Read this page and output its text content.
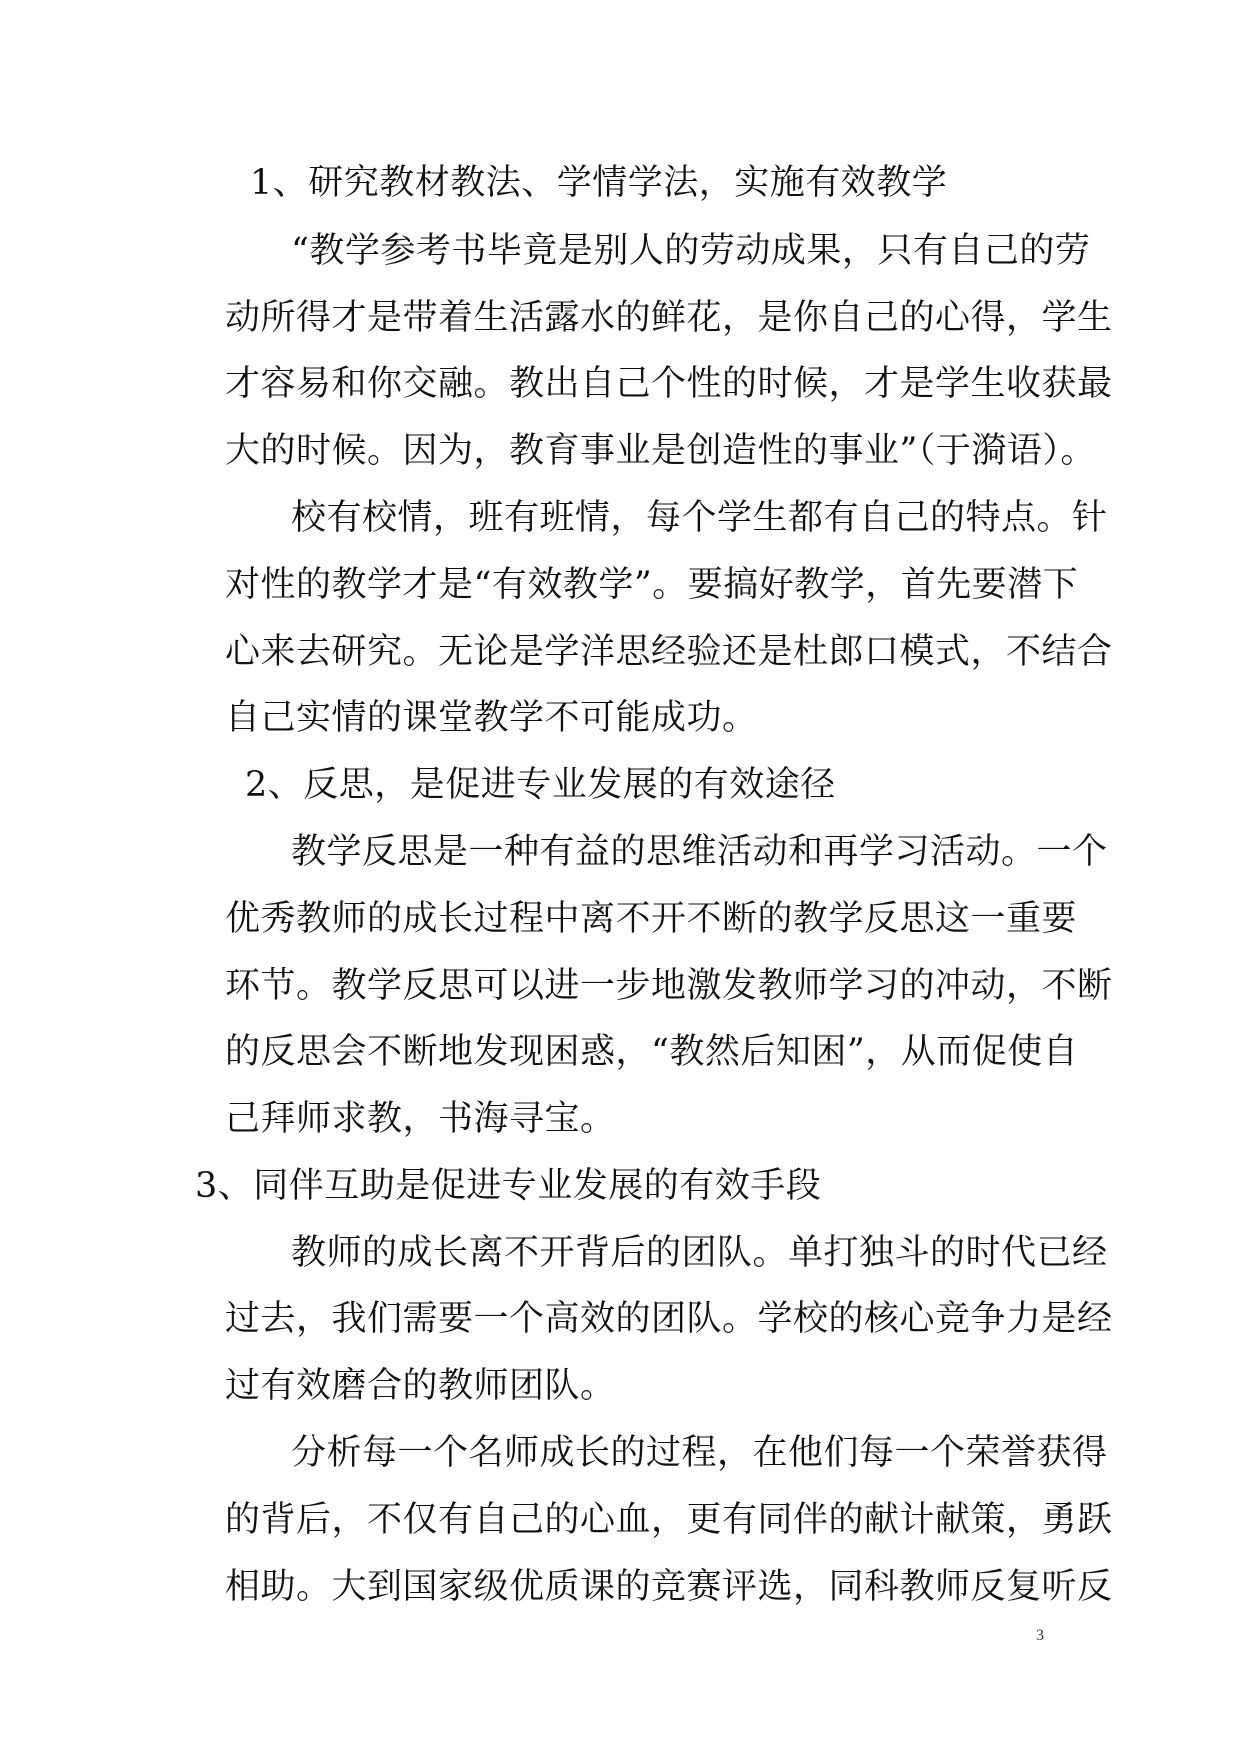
1、研究教材教法、学情学法，实施有效教学
“教学参考书毕竟是别人的劳动成果，只有自己的劳
动所得才是带着生活露水的鲜花，是你自己的心得，学生
才容易和你交融。教出自己个性的时候，才是学生收获最
大的时候。因为，教育事业是创造性的事业”（于漪语）。
校有校情，班有班情，每个学生都有自己的特点。针
对性的教学才是“有效教学”。要搞好教学，首先要潜下
心来去研究。无论是学洋思经验还是杜郎口模式，不结合
自己实情的课堂教学不可能成功。
2、反思，是促进专业发展的有效途径
教学反思是一种有益的思维活动和再学习活动。一个
优秀教师的成长过程中离不开不断的教学反思这一重要
环节。教学反思可以进一步地激发教师学习的冲动，不断
的反思会不断地发现困惑，“教然后知困”，从而促使自
己拜师求教，书海寻宝。
3、同伴互助是促进专业发展的有效手段
教师的成长离不开背后的团队。单打独斗的时代已经
过去，我们需要一个高效的团队。学校的核心竞争力是经
过有效磨合的教师团队。
分析每一个名师成长的过程，在他们每一个荣誉获得
的背后，不仅有自己的心血，更有同伴的献计献策，勇跃
相助。大到国家级优质课的竞赛评选，同科教师反复听反
3
